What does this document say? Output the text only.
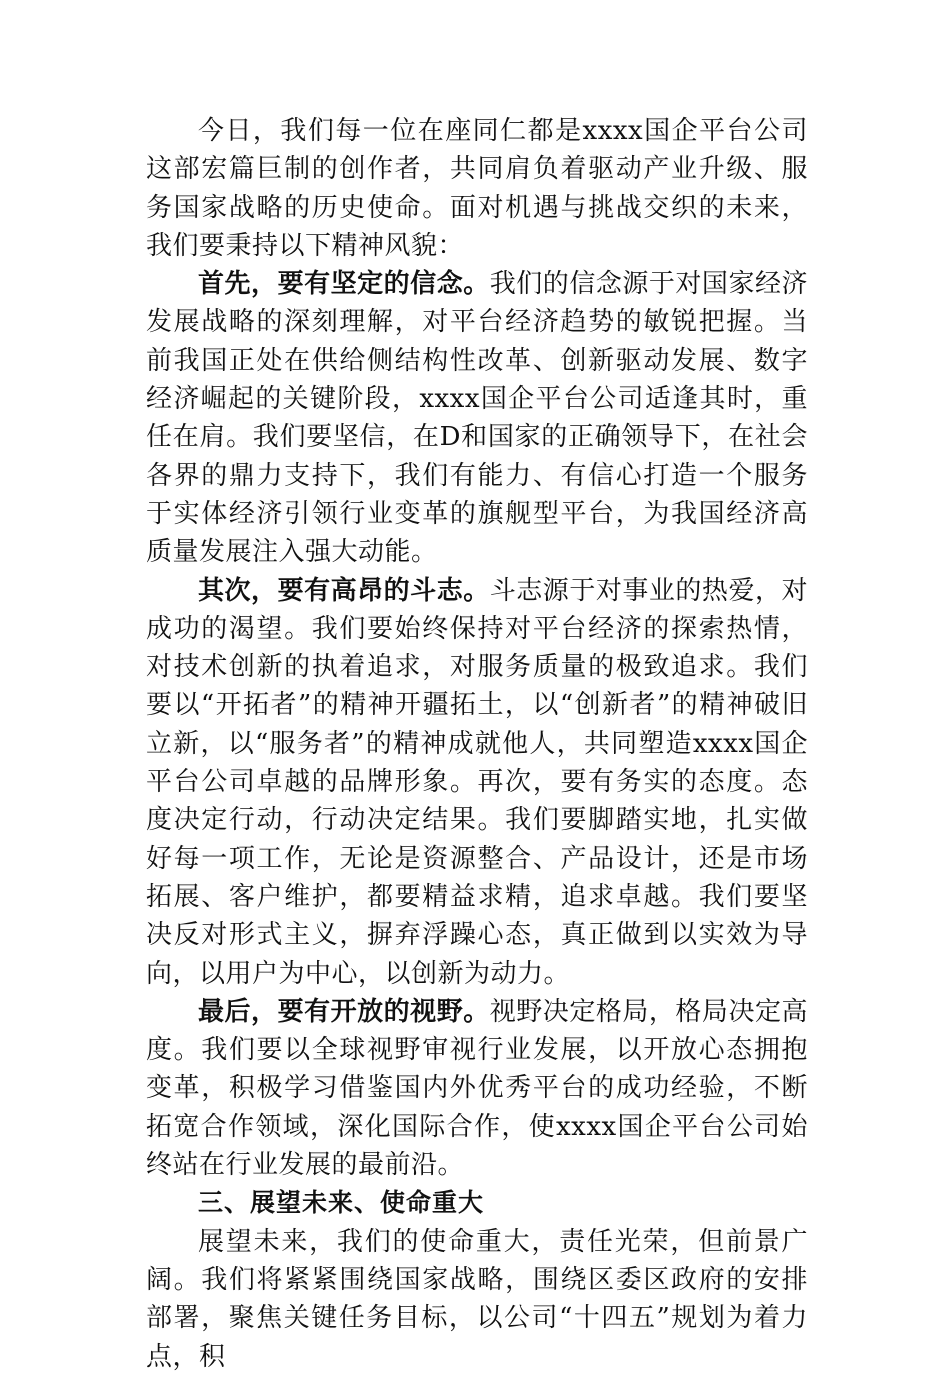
今日，我们每一位在座同仁都是xxxx国企平台公司这部宏篇巨制的创作者，共同肩负着驱动产业升级、服务国家战略的历史使命。面对机遇与挑战交织的未来，我们要秉持以下精神风貌：

首先，要有坚定的信念。我们的信念源于对国家经济发展战略的深刻理解，对平台经济趋势的敏锐把握。当前我国正处在供给侧结构性改革、创新驱动发展、数字经济崛起的关键阶段，xxxx国企平台公司适逢其时，重任在肩。我们要坚信，在D和国家的正确领导下，在社会各界的鼎力支持下，我们有能力、有信心打造一个服务于实体经济引领行业变革的旗舰型平台，为我国经济高质量发展注入强大动能。

其次，要有高昂的斗志。斗志源于对事业的热爱，对成功的渴望。我们要始终保持对平台经济的探索热情，对技术创新的执着追求，对服务质量的极致追求。我们要以“开拓者”的精神开疆拓土，以“创新者”的精神破旧立新，以“服务者”的精神成就他人，共同塑造xxxx国企平台公司卓越的品牌形象。再次，要有务实的态度。态度决定行动，行动决定结果。我们要脚踏实地，扎实做好每一项工作，无论是资源整合、产品设计，还是市场拓展、客户维护，都要精益求精，追求卓越。我们要坚决反对形式主义，摒弃浮躁心态，真正做到以实效为导向，以用户为中心，以创新为动力。

最后，要有开放的视野。视野决定格局，格局决定高度。我们要以全球视野审视行业发展，以开放心态拥抱变革，积极学习借鉴国内外优秀平台的成功经验，不断拓宽合作领域，深化国际合作，使xxxx国企平台公司始终站在行业发展的最前沿。

三、展望未来、使命重大

展望未来，我们的使命重大，责任光荣，但前景广阔。我们将紧紧围绕国家战略，围绕区委区政府的安排部署，聚焦关键任务目标，以公司“十四五”规划为着力点，积
